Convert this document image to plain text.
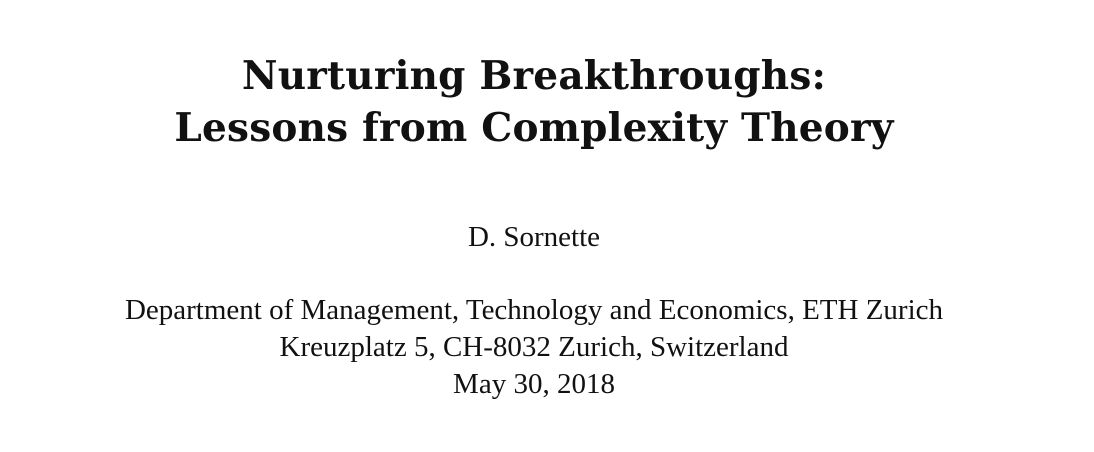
Nurturing Breakthroughs:
Lessons from Complexity Theory
D. Sornette
Department of Management, Technology and Economics, ETH Zurich
Kreuzplatz 5, CH-8032 Zurich, Switzerland
May 30, 2018
